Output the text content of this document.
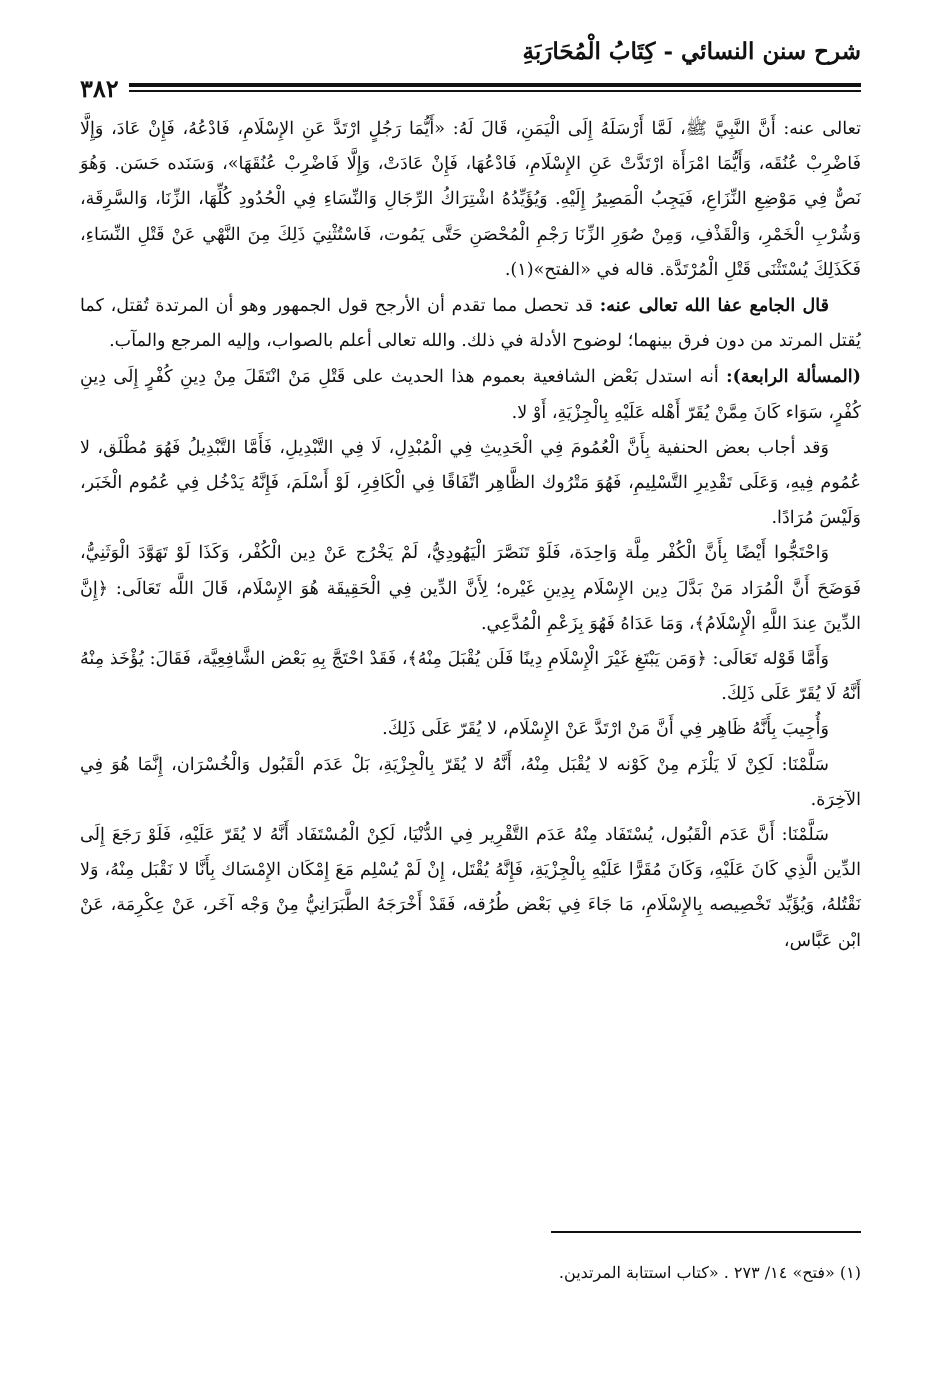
شرح سنن النسائي - كِتَابُ الْمُحَارَبَةِ
٣٨٢

تعالى عنه: أَنَّ النَّبِيَّ ﷺ، لَمَّا أَرْسَلَهُ إِلَى الْيَمَنِ، قَالَ لَهُ: «أَيُّمَا رَجُلٍ ارْتَدَّ عَنِ الإِسْلَامِ، فَادْعُهُ، فَإِنْ عَادَ، وَإِلَّا فَاضْرِبْ عُنُقَه، وَأَيُّمَا امْرَأَة ارْتَدَّتْ عَنِ الإِسْلَامِ، فَادْعُهَا، فَإِنْ عَادَتْ، وَإِلَّا فَاضْرِبْ عُنُقَهَا»، وَسَنَده حَسَن. وَهُوَ نَصٌّ فِي مَوْضِعِ النِّزَاعِ، فَيَجِبُ الْمَصِيرُ إِلَيْهِ. وَيُؤَيِّدُهُ اشْتِرَاكُ الرِّجَالِ وَالنِّسَاءِ فِي الْحُدُودِ كُلِّهَا، الزِّنَا، وَالسَّرِقَة، وَشُرْبِ الْخَمْرِ، وَالْقَذْفِ، وَمِنْ صُوَرِ الزِّنَا رَجْمِ الْمُحْصَنِ حَتَّى يَمُوت، فَاسْتُثْنِيَ ذَلِكَ مِنَ النَّهْي عَنْ قَتْلِ النِّسَاءِ، فَكَذَلِكَ يُسْتَثْنَى قَتْلِ الْمُرْتَدَّة. قاله في «الفتح»(١).

قال الجامع عفا الله تعالى عنه: قد تحصل مما تقدم أن الأرجح قول الجمهور وهو أن المرتدة تُقتل، كما يُقتل المرتد من دون فرق بينهما؛ لوضوح الأدلة في ذلك. والله تعالى أعلم بالصواب، وإليه المرجع والمآب.

(المسألة الرابعة): أنه استدل بَعْض الشافعية بعموم هذا الحديث على قَتْلِ مَنْ انْتَقَلَ مِنْ دِينِ كُفْرٍ إِلَى دِينِ كُفْرٍ، سَوَاء كَانَ مِمَّنْ يُقَرّ أَهْله عَلَيْهِ بِالْجِزْيَةِ، أَوْ لا.

وَقد أجاب بعض الحنفية بِأَنَّ الْعُمُومَ فِي الْحَدِيثِ فِي الْمُبْدِلِ، لَا فِي التَّبْدِيلِ، فَأَمَّا التَّبْدِيلُ فَهُوَ مُطْلَق، لا عُمُوم فِيهِ، وَعَلَى تَقْدِيرِ التَّسْلِيمِ، فَهُوَ مَتْرُوك الظَّاهِر اتِّفَاقًا فِي الْكَافِرِ، لَوْ أَسْلَمَ، فَإِنَّهُ يَدْخُل فِي عُمُوم الْخَبَر، وَلَيْسَ مُرَادًا.

وَاحْتَجُّوا أَيْضًا بِأَنَّ الْكُفْر مِلَّة وَاحِدَة، فَلَوْ تَنَصَّرَ الْيَهُودِيُّ، لَمْ يَخْرُج عَنْ دِين الْكُفْر، وَكَذَا لَوْ تَهَوَّدَ الْوَثَنِيُّ، فَوَضَحَ أَنَّ الْمُرَاد مَنْ بَدَّلَ دِين الإِسْلَام بِدِينِ غَيْره؛ لِأَنَّ الدِّين فِي الْحَقِيقَة هُوَ الإِسْلَام، قَالَ اللَّه تَعَالَى: ﴿إِنَّ الدِّينَ عِندَ اللَّهِ الْإِسْلَامُ﴾، وَمَا عَدَاهُ فَهُوَ بِزَعْمِ الْمُدَّعِي.

وَأَمَّا قَوْله تَعَالَى: ﴿وَمَن يَبْتَغِ غَيْرَ الْإِسْلَامِ دِينًا فَلَن يُقْبَلَ مِنْهُ﴾، فَقَدْ احْتَجَّ بِهِ بَعْض الشَّافِعِيَّة، فَقَالَ: يُؤْخَذ مِنْهُ أَنَّهُ لَا يُقَرّ عَلَى ذَلِكَ.

وَأُجِيبَ بِأَنَّهُ ظَاهِر فِي أَنَّ مَنْ ارْتَدَّ عَنْ الإِسْلَام، لا يُقَرّ عَلَى ذَلِكَ.

سَلَّمْنَا: لَكِنْ لَا يَلْزَم مِنْ كَوْنه لا يُقْبَل مِنْهُ، أَنَّهُ لا يُقَرّ بِالْجِزْيَةِ، بَلْ عَدَم الْقَبُول وَالْخُسْرَان، إِنَّمَا هُوَ فِي الآخِرَة.

سَلَّمْنَا: أَنَّ عَدَم الْقَبُول، يُسْتَفَاد مِنْهُ عَدَم التَّقْرِير فِي الدُّنْيَا، لَكِنْ الْمُسْتَفَاد أَنَّهُ لا يُقَرّ عَلَيْهِ، فَلَوْ رَجَعَ إِلَى الدِّين الَّذِي كَانَ عَلَيْهِ، وَكَانَ مُقَرًّا عَلَيْهِ بِالْجِزْيَةِ، فَإِنَّهُ يُقْتَل، إِنْ لَمْ يُسْلِم مَعَ إِمْكَان الإِمْسَاك بِأَنَّا لا نَقْبَل مِنْهُ، وَلا نَقْتُلهُ، وَيُؤَيِّد تَخْصِيصه بِالإِسْلَامِ، مَا جَاءَ فِي بَعْض طُرُقه، فَقَدْ أَخْرَجَهُ الطَّبَرَانِيُّ مِنْ وَجْه آخَر، عَنْ عِكْرِمَة، عَنْ ابْن عَبَّاس،

(١) «فتح» ١٤/ ٢٧٣ . «كتاب استتابة المرتدين.
